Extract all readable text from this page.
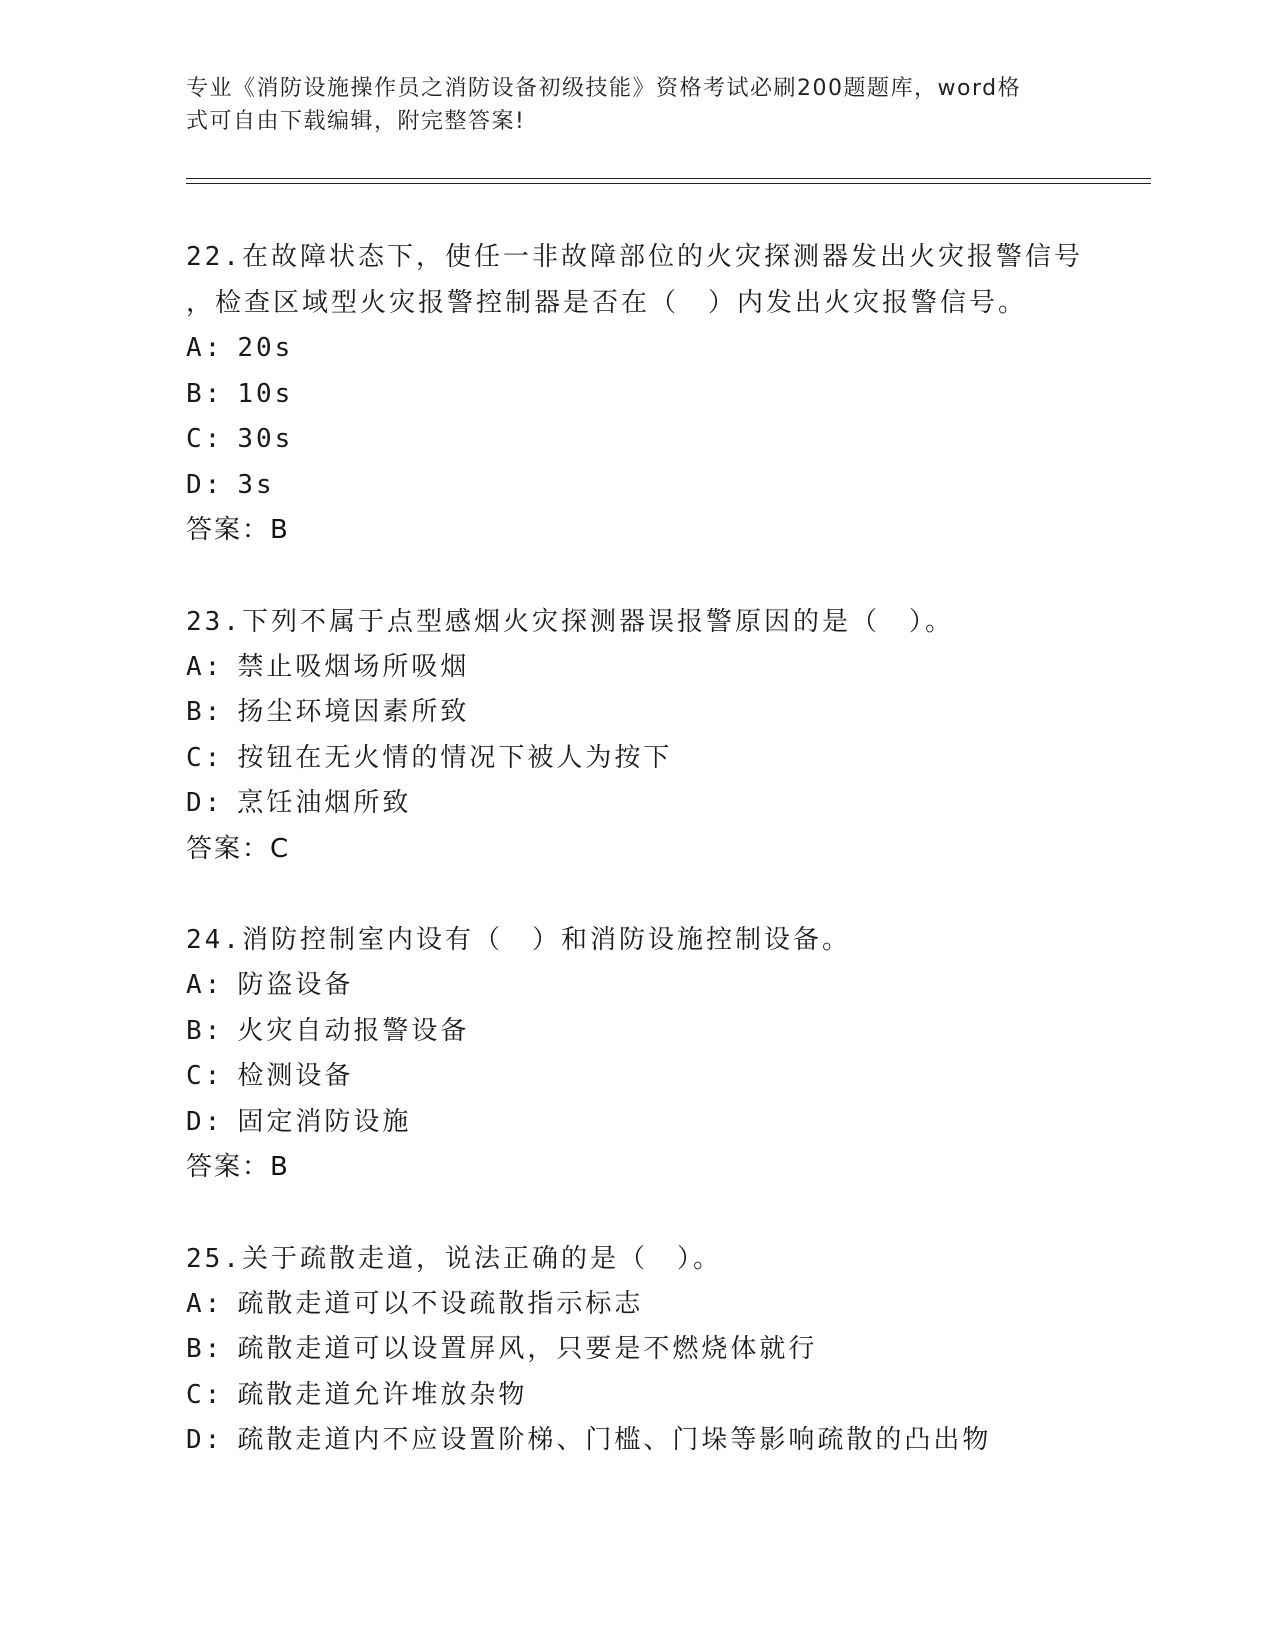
专业《消防设施操作员之消防设备初级技能》资格考试必刷200题题库，word格
式可自由下载编辑，附完整答案!
22.在故障状态下，使任一非故障部位的火灾探测器发出火灾报警信号
，检查区域型火灾报警控制器是否在（　）内发出火灾报警信号。
A: 20s
B: 10s
C: 30s
D: 3s
答案：B
23.下列不属于点型感烟火灾探测器误报警原因的是（　）。
A: 禁止吸烟场所吸烟
B: 扬尘环境因素所致
C: 按钮在无火情的情况下被人为按下
D: 烹饪油烟所致
答案：C
24.消防控制室内设有（　）和消防设施控制设备。
A: 防盗设备
B: 火灾自动报警设备
C: 检测设备
D: 固定消防设施
答案：B
25.关于疏散走道，说法正确的是（　）。
A: 疏散走道可以不设疏散指示标志
B: 疏散走道可以设置屏风，只要是不燃烧体就行
C: 疏散走道允许堆放杂物
D: 疏散走道内不应设置阶梯、门槛、门垛等影响疏散的凸出物
